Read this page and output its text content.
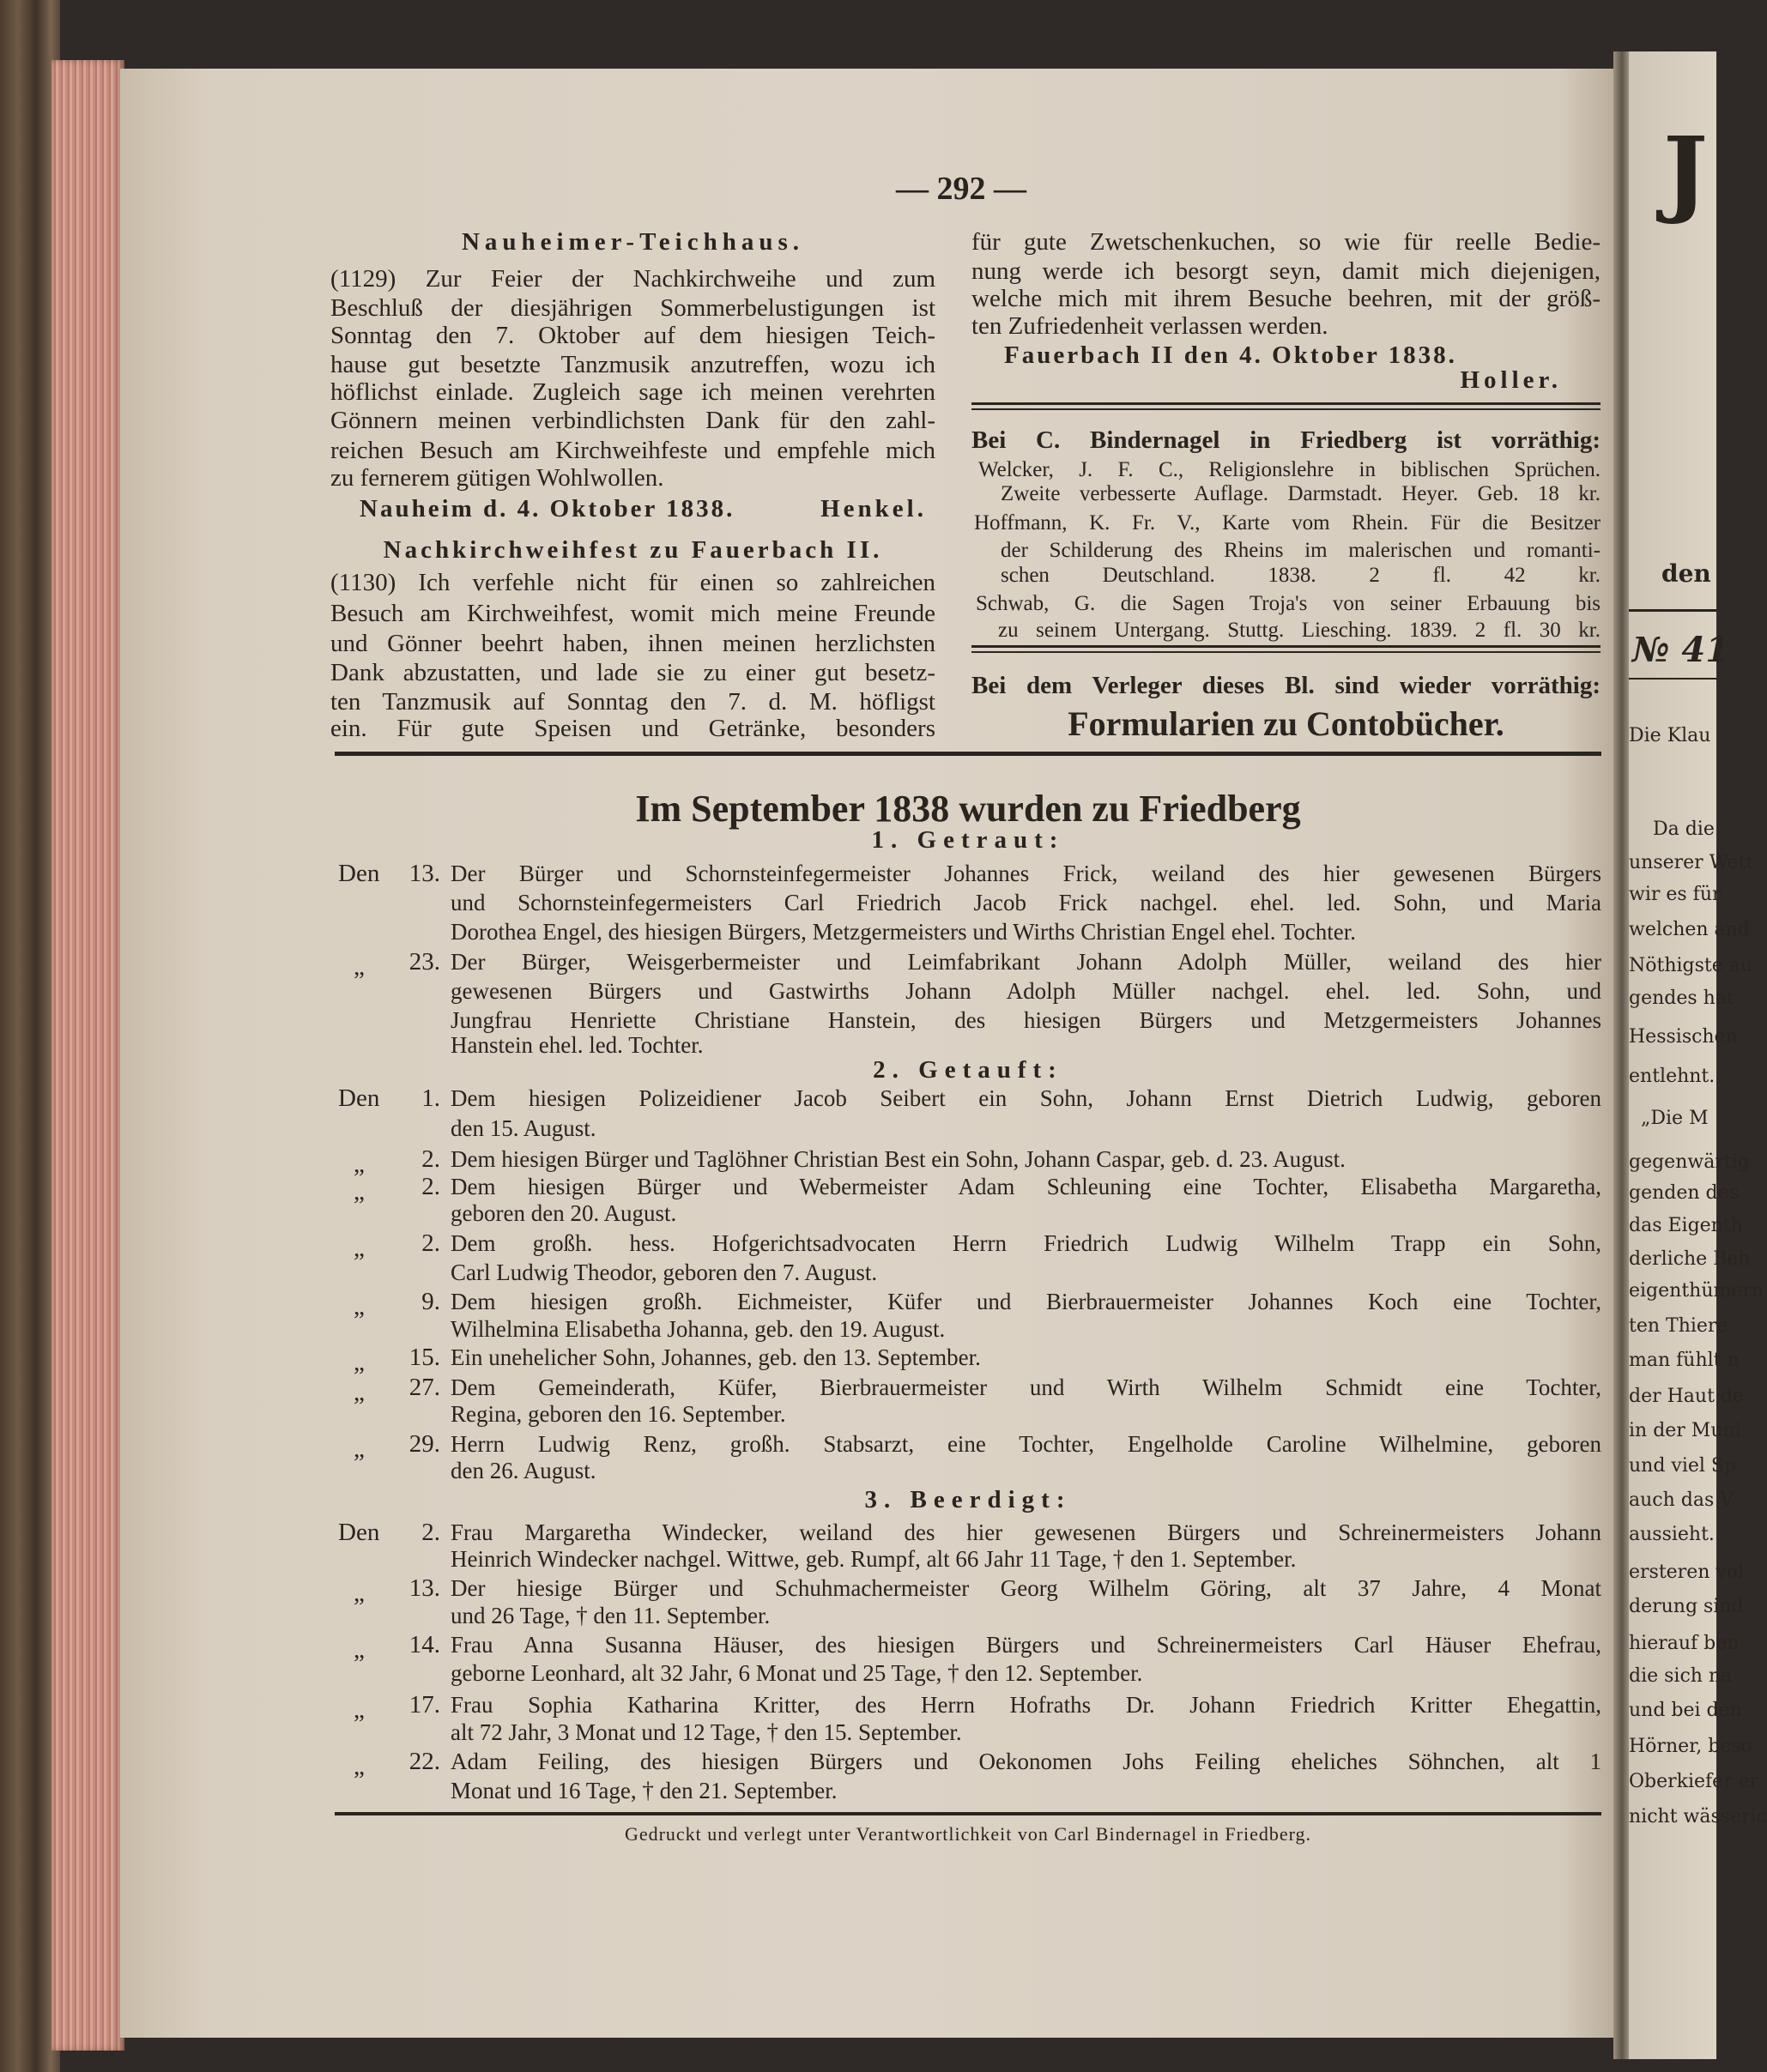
J
den
№ 41
Die Klau
Da die
unserer Wett
wir es für
welchen and
Nöthigste au
gendes hat
Hessischen
entlehnt.
„Die M
gegenwärtig
genden des
das Eigenth
derliche Beh
eigenthümern
ten Thiere
man fühlt n
der Haut de
in der Muni
und viel Sp
auch das V
aussieht.
ersteren vol
derung sind
hierauf ben
die sich na
und bei den
Hörner, beso
Oberkiefer er
nicht wässeric
— 292 —
Nauheimer-Teichhaus.
(1129) Zur Feier der Nachkirchweihe und zum
Beschluß der diesjährigen Sommerbelustigungen ist
Sonntag den 7. Oktober auf dem hiesigen Teich-
hause gut besetzte Tanzmusik anzutreffen, wozu ich
höflichst einlade. Zugleich sage ich meinen verehrten
Gönnern meinen verbindlichsten Dank für den zahl-
reichen Besuch am Kirchweihfeste und empfehle mich
zu fernerem gütigen Wohlwollen.
Nauheim d. 4. Oktober 1838.	Henkel.
Nachkirchweihfest zu Fauerbach II.
(1130) Ich verfehle nicht für einen so zahlreichen
Besuch am Kirchweihfest, womit mich meine Freunde
und Gönner beehrt haben, ihnen meinen herzlichsten
Dank abzustatten, und lade sie zu einer gut besetz-
ten Tanzmusik auf Sonntag den 7. d. M. höfligst
ein. Für gute Speisen und Getränke, besonders
für gute Zwetschenkuchen, so wie für reelle Bedie-
nung werde ich besorgt seyn, damit mich diejenigen,
welche mich mit ihrem Besuche beehren, mit der größ-
ten Zufriedenheit verlassen werden.
Fauerbach II den 4. Oktober 1838.
Holler.
Bei C. Bindernagel in Friedberg ist vorräthig:
Welcker, J. F. C., Religionslehre in biblischen Sprüchen.
Zweite verbesserte Auflage. Darmstadt. Heyer. Geb. 18 kr.
Hoffmann, K. Fr. V., Karte vom Rhein. Für die Besitzer
der Schilderung des Rheins im malerischen und romanti-
schen Deutschland. 1838. 2 fl. 42 kr.
Schwab, G. die Sagen Troja's von seiner Erbauung bis
zu seinem Untergang. Stuttg. Liesching. 1839. 2 fl. 30 kr.
Bei dem Verleger dieses Bl. sind wieder vorräthig:
Formularien zu Contobücher.
Im September 1838 wurden zu Friedberg
1. Getraut:
Den	13. Der Bürger und Schornsteinfegermeister Johannes Frick, weiland des hier gewesenen Bürgers
und Schornsteinfegermeisters Carl Friedrich Jacob Frick nachgel. ehel. led. Sohn, und Maria
Dorothea Engel, des hiesigen Bürgers, Metzgermeisters und Wirths Christian Engel ehel. Tochter.
„	23. Der Bürger, Weisgerbermeister und Leimfabrikant Johann Adolph Müller, weiland des hier
gewesenen Bürgers und Gastwirths Johann Adolph Müller nachgel. ehel. led. Sohn, und
Jungfrau Henriette Christiane Hanstein, des hiesigen Bürgers und Metzgermeisters Johannes
Hanstein ehel. led. Tochter.
2. Getauft:
Den	1. Dem hiesigen Polizeidiener Jacob Seibert ein Sohn, Johann Ernst Dietrich Ludwig, geboren
den 15. August.
„	2. Dem hiesigen Bürger und Taglöhner Christian Best ein Sohn, Johann Caspar, geb. d. 23. August.
„	2. Dem hiesigen Bürger und Webermeister Adam Schleuning eine Tochter, Elisabetha Margaretha,
geboren den 20. August.
„	2. Dem großh. hess. Hofgerichtsadvocaten Herrn Friedrich Ludwig Wilhelm Trapp ein Sohn,
Carl Ludwig Theodor, geboren den 7. August.
„	9. Dem hiesigen großh. Eichmeister, Küfer und Bierbrauermeister Johannes Koch eine Tochter,
Wilhelmina Elisabetha Johanna, geb. den 19. August.
„	15. Ein unehelicher Sohn, Johannes, geb. den 13. September.
„	27. Dem Gemeinderath, Küfer, Bierbrauermeister und Wirth Wilhelm Schmidt eine Tochter,
Regina, geboren den 16. September.
„	29. Herrn Ludwig Renz, großh. Stabsarzt, eine Tochter, Engelholde Caroline Wilhelmine, geboren
den 26. August.
3. Beerdigt:
Den	2. Frau Margaretha Windecker, weiland des hier gewesenen Bürgers und Schreinermeisters Johann
Heinrich Windecker nachgel. Wittwe, geb. Rumpf, alt 66 Jahr 11 Tage, † den 1. September.
„	13. Der hiesige Bürger und Schuhmachermeister Georg Wilhelm Göring, alt 37 Jahre, 4 Monat
und 26 Tage, † den 11. September.
„	14. Frau Anna Susanna Häuser, des hiesigen Bürgers und Schreinermeisters Carl Häuser Ehefrau,
geborne Leonhard, alt 32 Jahr, 6 Monat und 25 Tage, † den 12. September.
„	17. Frau Sophia Katharina Kritter, des Herrn Hofraths Dr. Johann Friedrich Kritter Ehegattin,
alt 72 Jahr, 3 Monat und 12 Tage, † den 15. September.
„	22. Adam Feiling, des hiesigen Bürgers und Oekonomen Johs Feiling eheliches Söhnchen, alt 1
Monat und 16 Tage, † den 21. September.
Gedruckt und verlegt unter Verantwortlichkeit von Carl Bindernagel in Friedberg.
